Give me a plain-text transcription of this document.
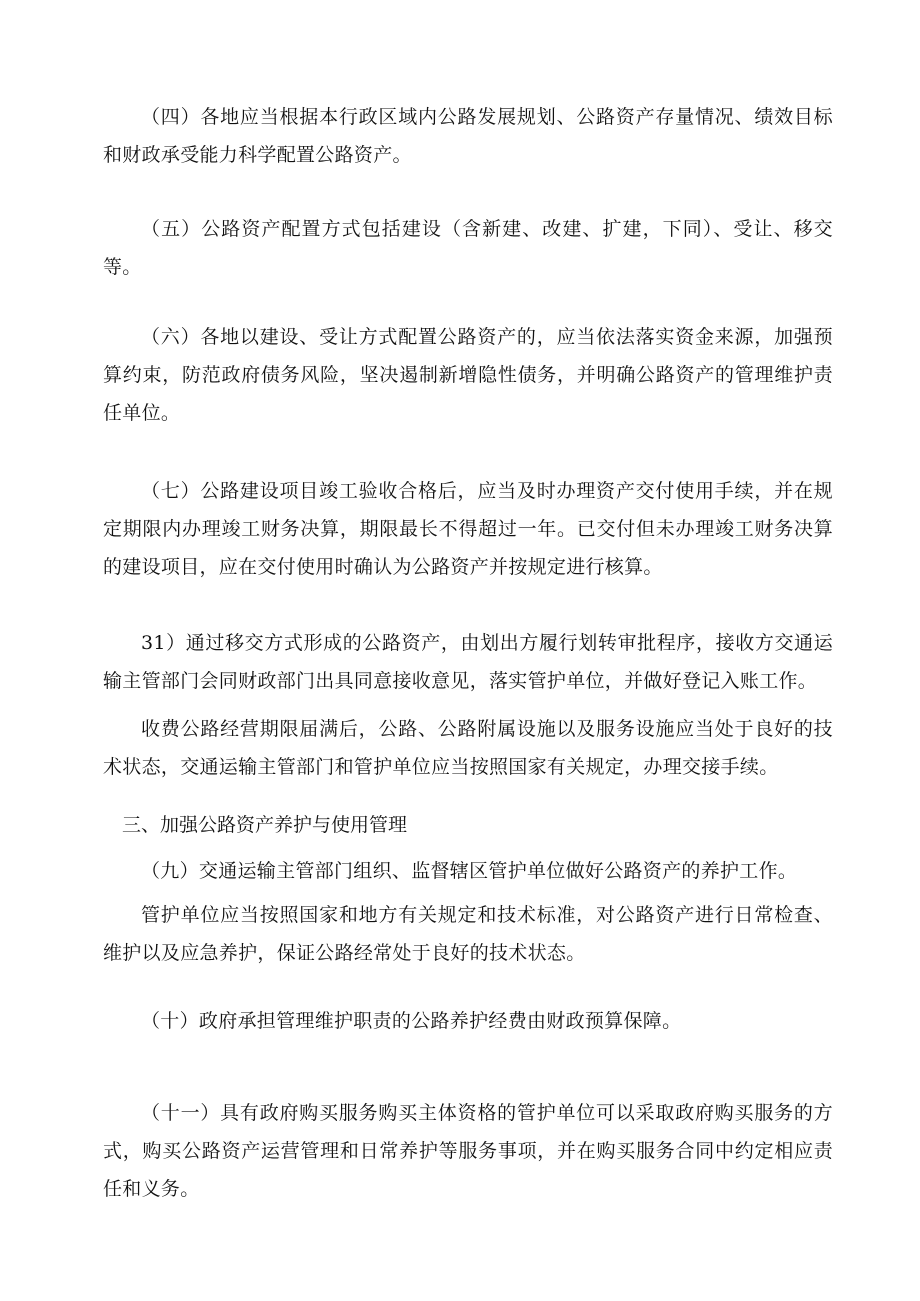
（四）各地应当根据本行政区域内公路发展规划、公路资产存量情况、绩效目标和财政承受能力科学配置公路资产。

（五）公路资产配置方式包括建设（含新建、改建、扩建，下同）、受让、移交等。

（六）各地以建设、受让方式配置公路资产的，应当依法落实资金来源，加强预算约束，防范政府债务风险，坚决遏制新增隐性债务，并明确公路资产的管理维护责任单位。

（七）公路建设项目竣工验收合格后，应当及时办理资产交付使用手续，并在规定期限内办理竣工财务决算，期限最长不得超过一年。已交付但未办理竣工财务决算的建设项目，应在交付使用时确认为公路资产并按规定进行核算。

31）通过移交方式形成的公路资产，由划出方履行划转审批程序，接收方交通运输主管部门会同财政部门出具同意接收意见，落实管护单位，并做好登记入账工作。

收费公路经营期限届满后，公路、公路附属设施以及服务设施应当处于良好的技术状态，交通运输主管部门和管护单位应当按照国家有关规定，办理交接手续。

三、加强公路资产养护与使用管理

（九）交通运输主管部门组织、监督辖区管护单位做好公路资产的养护工作。

管护单位应当按照国家和地方有关规定和技术标准，对公路资产进行日常检查、维护以及应急养护，保证公路经常处于良好的技术状态。

（十）政府承担管理维护职责的公路养护经费由财政预算保障。

（十一）具有政府购买服务购买主体资格的管护单位可以采取政府购买服务的方式，购买公路资产运营管理和日常养护等服务事项，并在购买服务合同中约定相应责任和义务。
